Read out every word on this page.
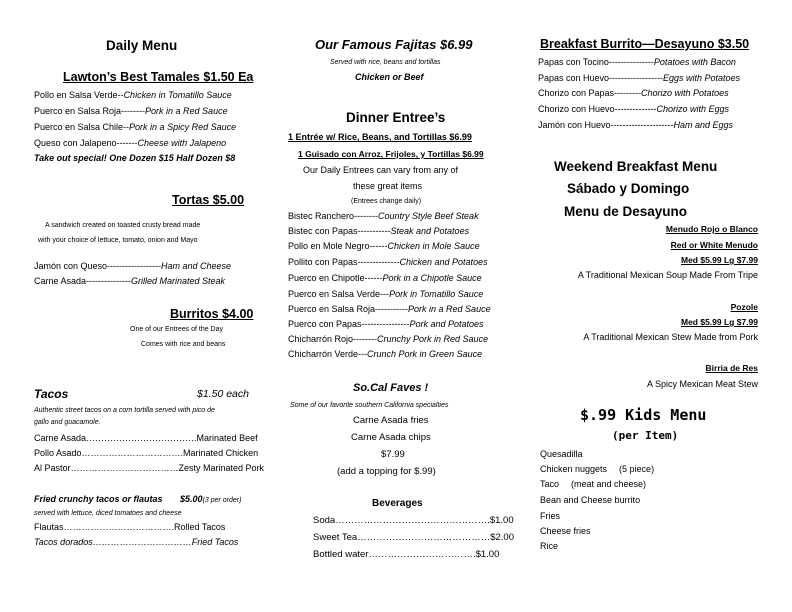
Daily Menu
Lawton’s Best Tamales $1.50 Ea
Pollo en Salsa Verde--Chicken in Tomatillo Sauce
Puerco en Salsa Roja--------Pork in a Red Sauce
Puerco en Salsa Chile--Pork in a Spicy Red Sauce
Queso con Jalapeno-------Cheese with Jalapeno
Take out special! One Dozen $15 Half Dozen $8
Tortas $5.00
A sandwich created on toasted crusty bread made
with your choice of lettuce, tomato, onion and Mayo
Jamón con Queso------------------Ham and Cheese
Carne Asada---------------Grilled Marinated Steak
Burritos $4.00
One of our Entrees of the Day
Comes with rice and beans
Tacos	$1.50 each
Authentic street tacos on a corn tortilla served with pico de
gallo and guacamole.
Carne Asada……………………………….Marinated Beef
Pollo Asado…………………………….Marinated Chicken
Al Pastor………………………………Zesty Marinated Pork
Fried crunchy tacos or flautas $5.00(3 per order)
served with lettuce, diced tomatoes and cheese
Flautas……………………………….Rolled Tacos
Tacos dorados……………………………Fried Tacos
Our Famous Fajitas $6.99
Served with rice, beans and tortillas
Chicken or Beef
Dinner Entree’s
1 Entrée w/ Rice, Beans, and Tortillas $6.99
1 Guisado con Arroz, Frijoles, y Tortillas $6.99
Our Daily Entrees can vary from any of
these great items
(Entrees change daily)
Bistec Ranchero--------Country Style Beef Steak
Bistec con Papas-----------Steak and Potatoes
Pollo en Mole Negro------Chicken in Mole Sauce
Pollito con Papas--------------Chicken and Potatoes
Puerco en Chipotle------Pork in a Chipotle Sauce
Puerco en Salsa Verde---Pork in Tomatillo Sauce
Puerco en Salsa Roja-----------Pork in a Red Sauce
Puerco con Papas----------------Pork and Potatoes
Chicharrón Rojo--------Crunchy Pork in Red Sauce
Chicharrón Verde---Crunch Pork in Green Sauce
So.Cal Faves !
Some of our favorite southern California specialties
Carne Asada fries
Carne Asada chips
$7.99
(add a topping for $.99)
Beverages
Soda………………………………………….$1.00
Sweet Tea……………………………………$2.00
Bottled water…………………………….$1.00
Breakfast Burrito—Desayuno $3.50
Papas con Tocino---------------Potatoes with Bacon
Papas con Huevo------------------Eggs with Potatoes
Chorizo con Papas---------Chorizo with Potatoes
Chorizo con Huevo--------------Chorizo with Eggs
Jamón con Huevo---------------------Ham and Eggs
Weekend Breakfast Menu
Sábado y Domingo
Menu de Desayuno
Menudo Rojo o Blanco
Red or White Menudo
Med $5.99 Lg $7.99
A Traditional Mexican Soup Made From Tripe
Pozole
Med $5.99 Lg $7.99
A Traditional Mexican Stew Made from Pork
Birria de Res
A Spicy Mexican Meat Stew
$.99 Kids Menu
(per Item)
Quesadilla
Chicken nuggets (5 piece)
Taco (meat and cheese)
Bean and Cheese burrito
Fries
Cheese fries
Rice
